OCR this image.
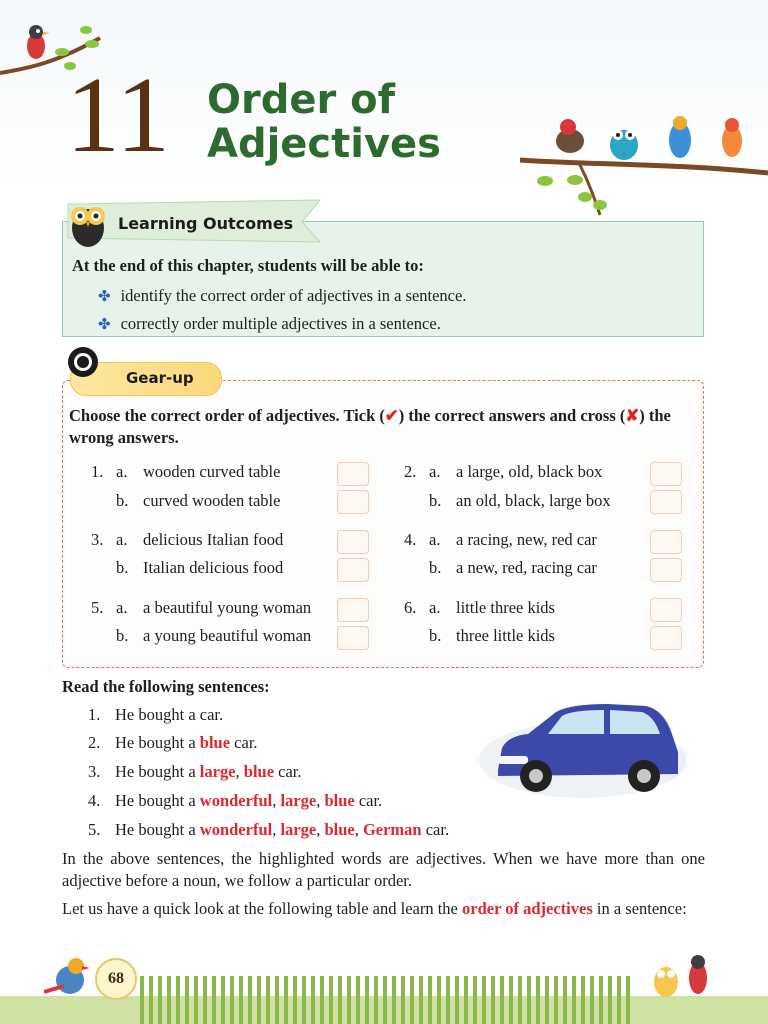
11 Order of
Adjectives
Learning Outcomes
At the end of this chapter, students will be able to:
✤ identify the correct order of adjectives in a sentence.
✤ correctly order multiple adjectives in a sentence.
Gear-up
Choose the correct order of adjectives. Tick (✔) the correct answers and cross (✘) the wrong answers.
1. a. wooden curved table
b. curved wooden table
3. a. delicious Italian food
b. Italian delicious food
5. a. a beautiful young woman
b. a young beautiful woman
2. a. a large, old, black box
b. an old, black, large box
4. a. a racing, new, red car
b. a new, red, racing car
6. a. little three kids
b. three little kids
Read the following sentences:
1. He bought a car.
2. He bought a blue car.
3. He bought a large, blue car.
4. He bought a wonderful, large, blue car.
5. He bought a wonderful, large, blue, German car.
In the above sentences, the highlighted words are adjectives. When we have more than one adjective before a noun, we follow a particular order.
Let us have a quick look at the following table and learn the order of adjectives in a sentence:
68
